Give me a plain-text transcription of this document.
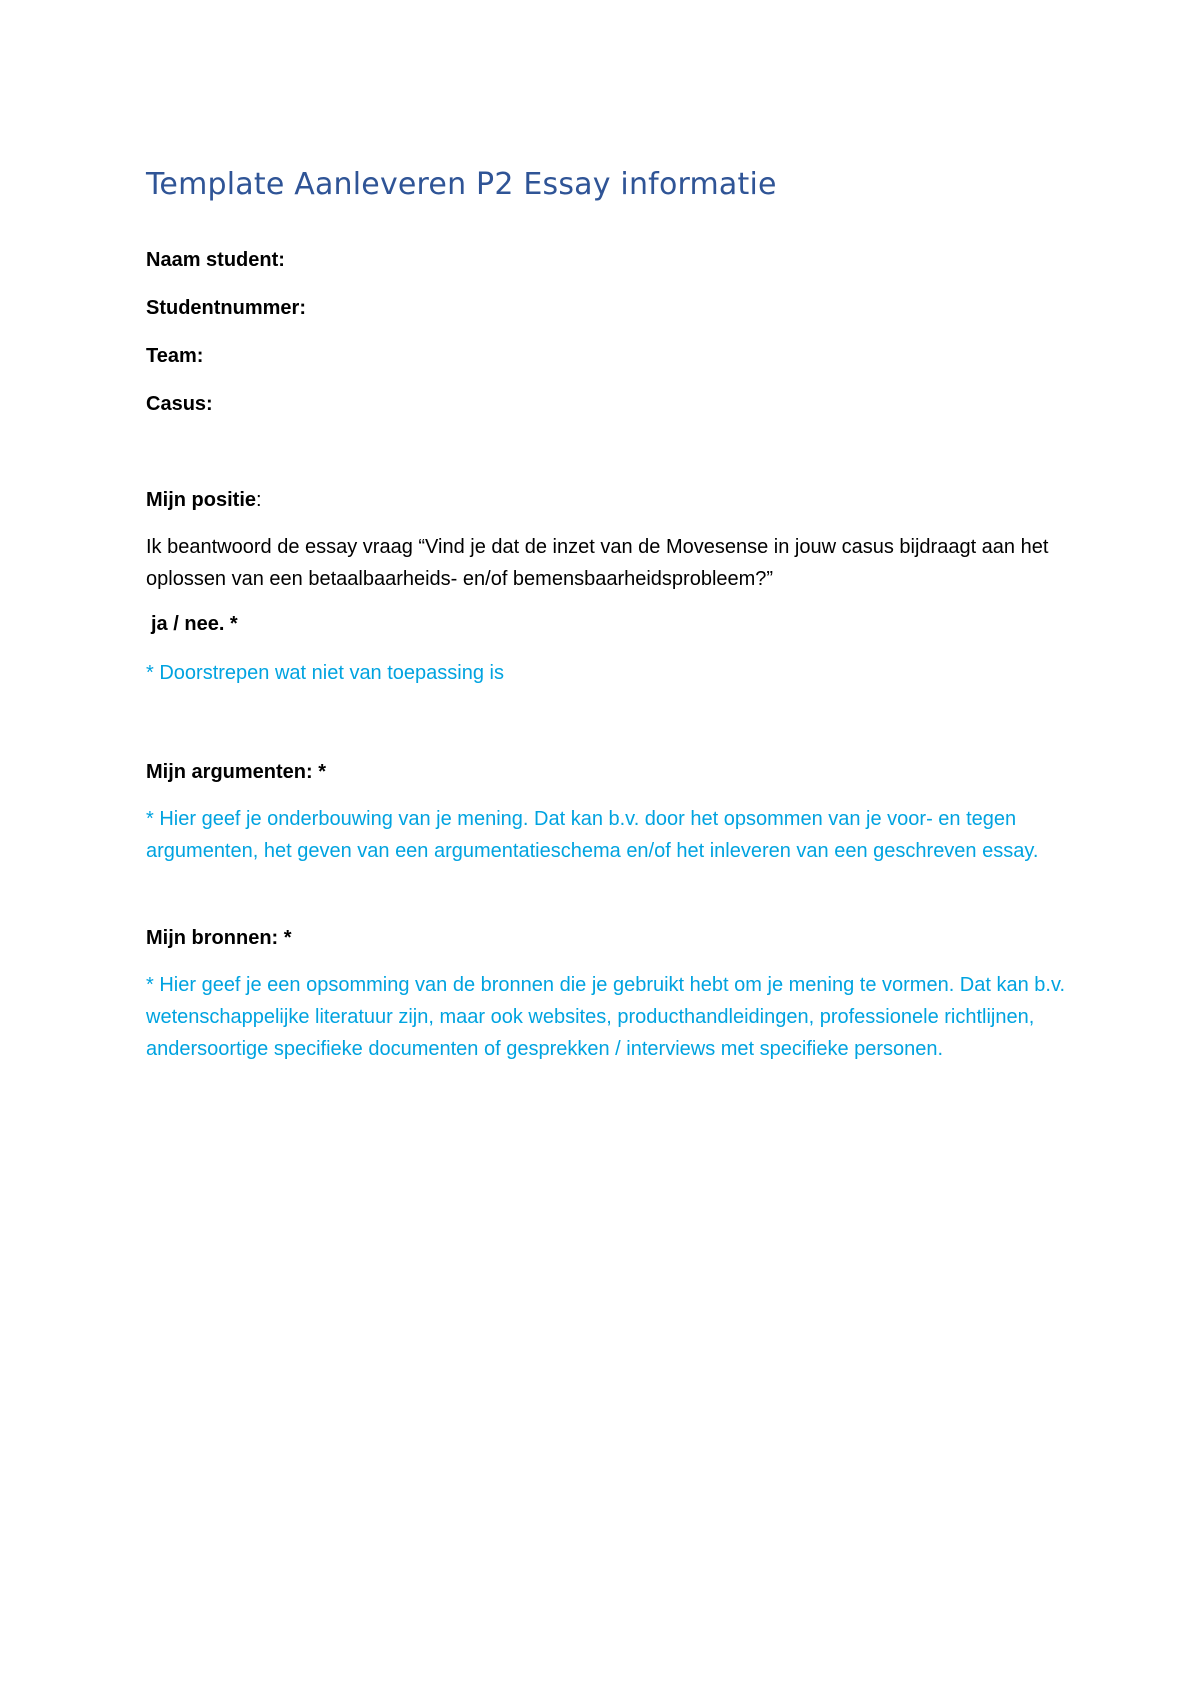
Template Aanleveren P2 Essay informatie

Naam student:

Studentnummer:

Team:

Casus:

Mijn positie:

Ik beantwoord de essay vraag “Vind je dat de inzet van de Movesense in jouw casus bijdraagt aan het oplossen van een betaalbaarheids- en/of bemensbaarheidsprobleem?”

ja / nee. *

* Doorstrepen wat niet van toepassing is

Mijn argumenten: *

* Hier geef je onderbouwing van je mening. Dat kan b.v. door het opsommen van je voor- en tegen argumenten, het geven van een argumentatieschema en/of het inleveren van een geschreven essay.

Mijn bronnen: *

* Hier geef je een opsomming van de bronnen die je gebruikt hebt om je mening te vormen. Dat kan b.v. wetenschappelijke literatuur zijn, maar ook websites, producthandleidingen, professionele richtlijnen, andersoortige specifieke documenten of gesprekken / interviews met specifieke personen.
